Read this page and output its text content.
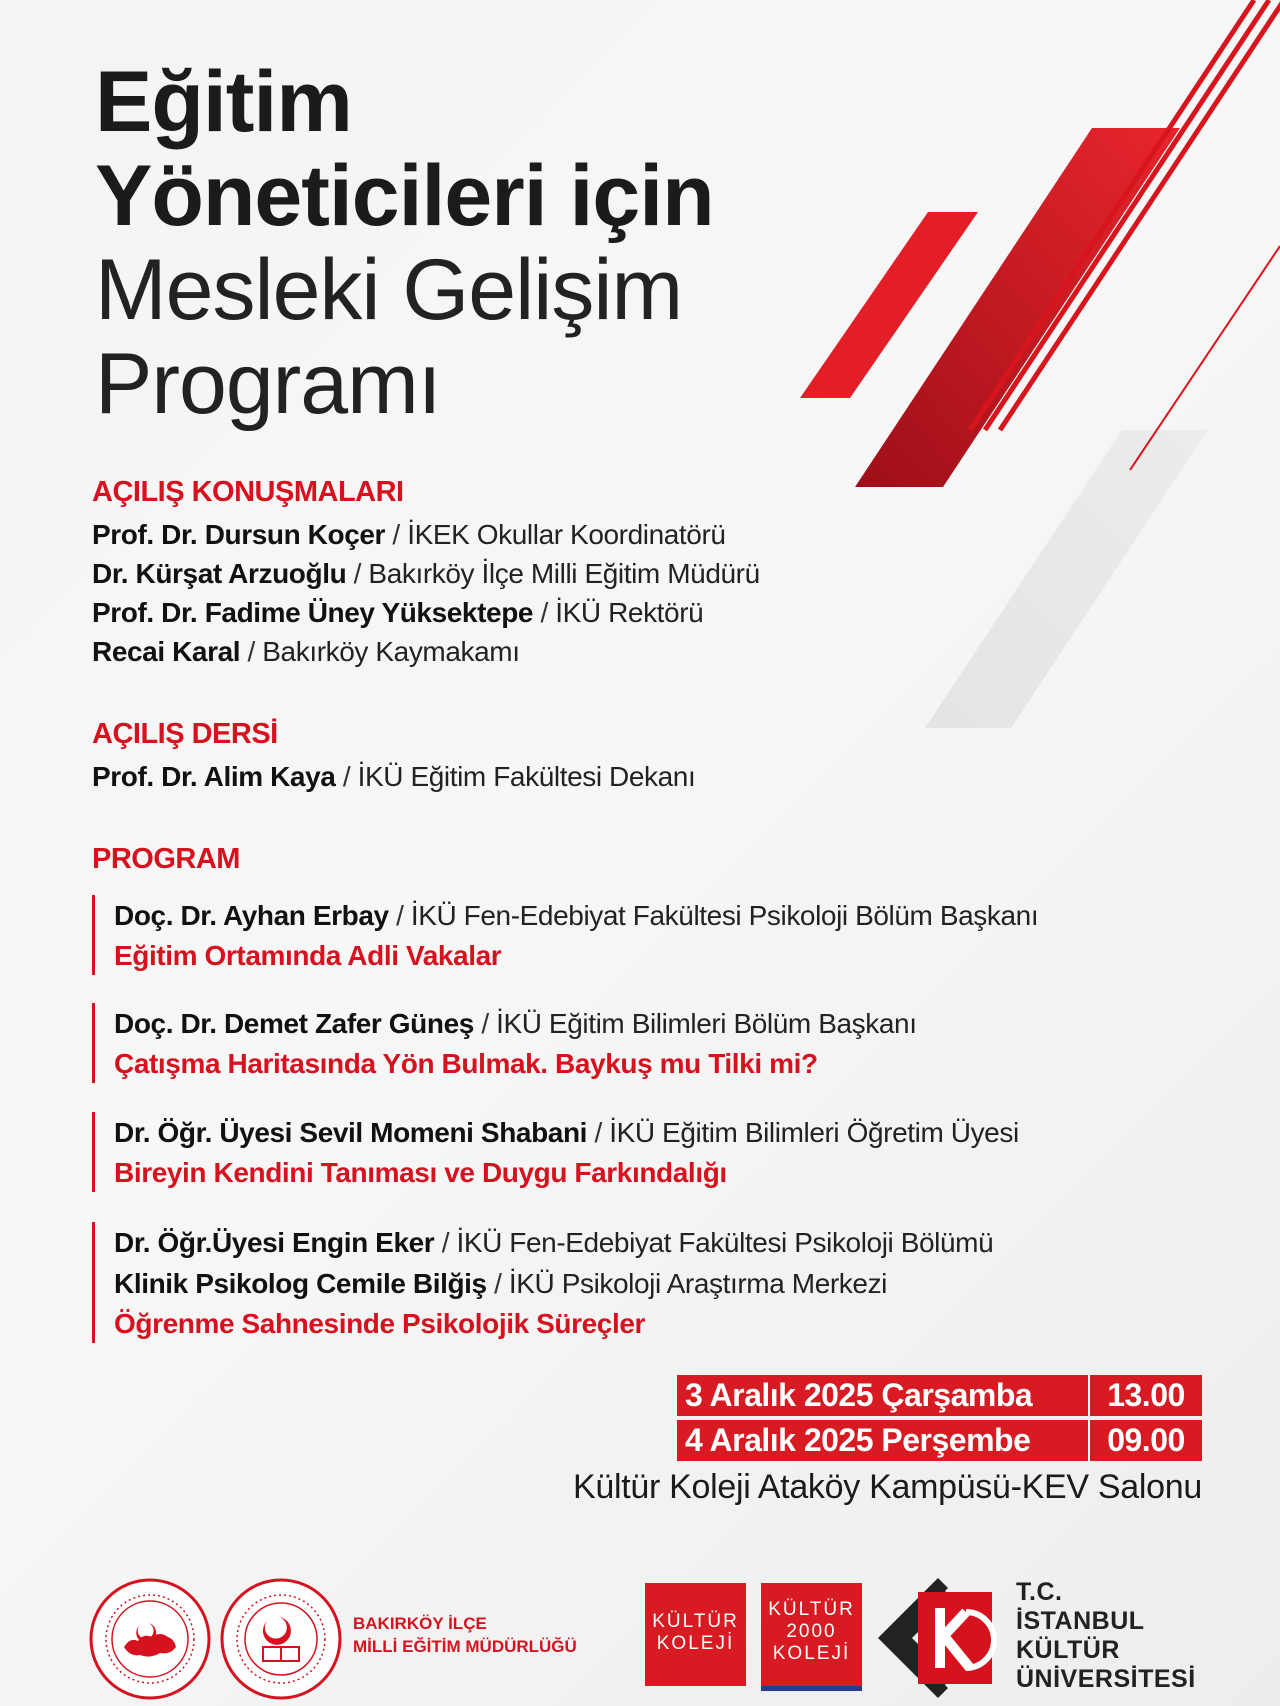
Eğitim
Yöneticileri için
Mesleki Gelişim
Programı
AÇILIŞ KONUŞMALARI
Prof. Dr. Dursun Koçer / İKEK Okullar Koordinatörü
Dr. Kürşat Arzuoğlu / Bakırköy İlçe Milli Eğitim Müdürü
Prof. Dr. Fadime Üney Yüksektepe / İKÜ Rektörü
Recai Karal / Bakırköy Kaymakamı
AÇILIŞ DERSİ
Prof. Dr. Alim Kaya / İKÜ Eğitim Fakültesi Dekanı
PROGRAM
Doç. Dr. Ayhan Erbay / İKÜ Fen-Edebiyat Fakültesi Psikoloji Bölüm Başkanı
Eğitim Ortamında Adli Vakalar
Doç. Dr. Demet Zafer Güneş / İKÜ Eğitim Bilimleri Bölüm Başkanı
Çatışma Haritasında Yön Bulmak. Baykuş mu Tilki mi?
Dr. Öğr. Üyesi Sevil Momeni Shabani / İKÜ Eğitim Bilimleri Öğretim Üyesi
Bireyin Kendini Tanıması ve Duygu Farkındalığı
Dr. Öğr.Üyesi Engin Eker / İKÜ Fen-Edebiyat Fakültesi Psikoloji Bölümü
Klinik Psikolog Cemile Bilğiş / İKÜ Psikoloji Araştırma Merkezi
Öğrenme Sahnesinde Psikolojik Süreçler
3 Aralık 2025 Çarşamba	13.00
4 Aralık 2025 Perşembe	09.00
Kültür Koleji Ataköy Kampüsü-KEV Salonu
BAKIRKÖY İLÇE
MİLLİ EĞİTİM MÜDÜRLÜĞÜ
KÜLTÜR
KOLEJİ
KÜLTÜR
2000
KOLEJİ
T.C.
İSTANBUL
KÜLTÜR
ÜNİVERSİTESİ
